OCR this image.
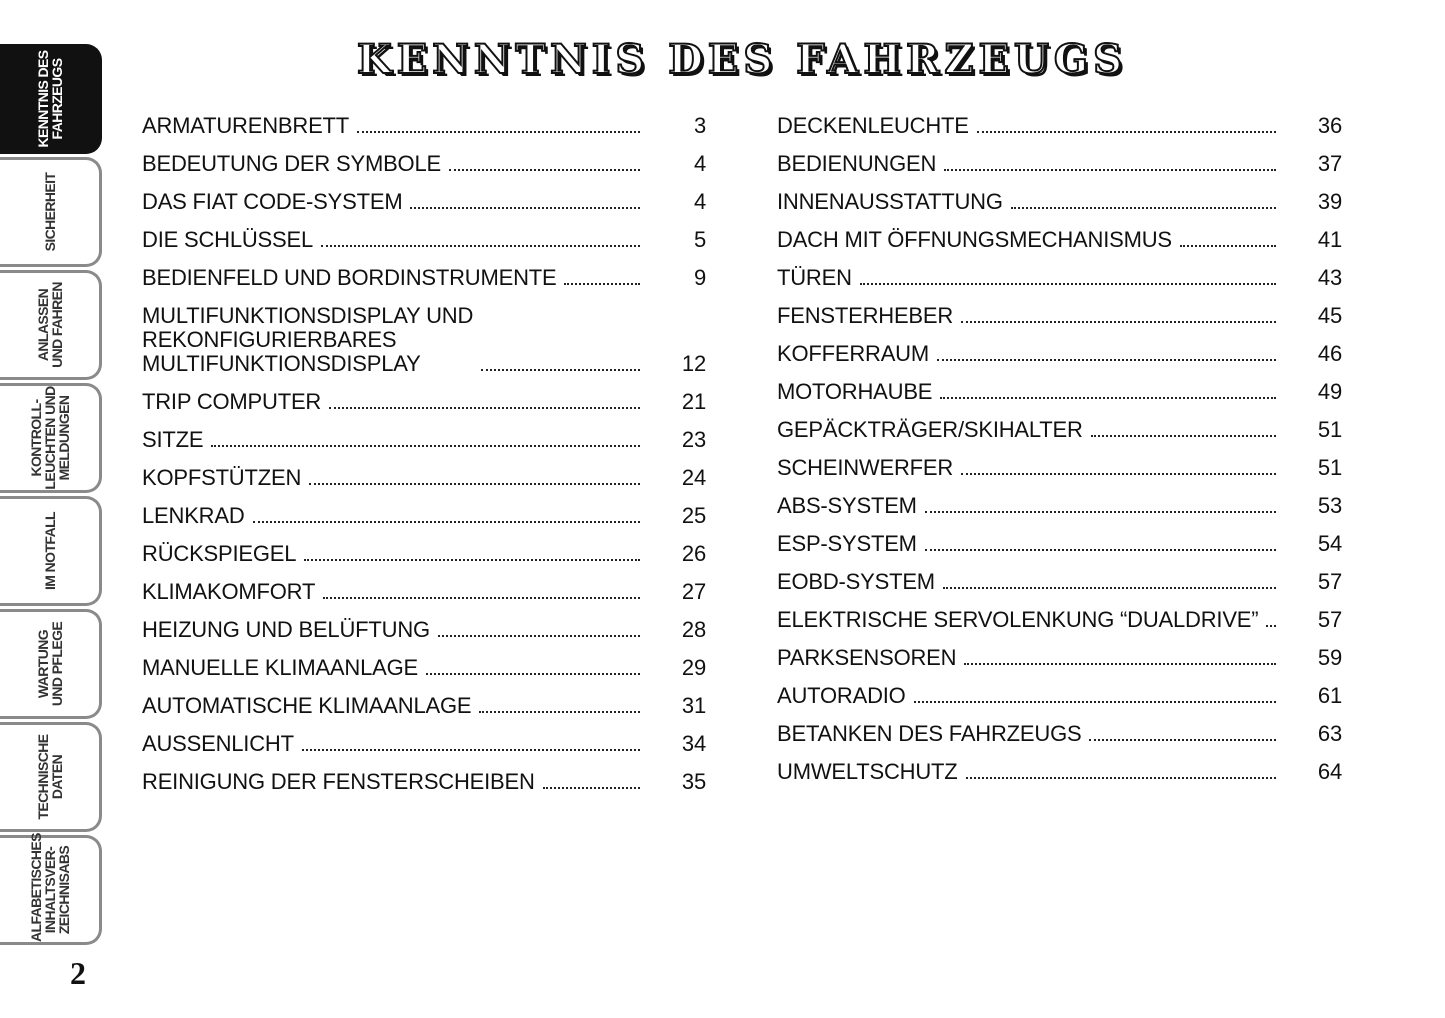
KENNTNIS DES
FAHRZEUGS
SICHERHEIT
ANLASSEN
UND FAHREN
KONTROLL-
LEUCHTEN UND
MELDUNGEN
IM NOTFALL
WARTUNG
UND PFLEGE
TECHNISCHE
DATEN
ALFABETISCHES
INHALTSVER-
ZEICHNISABS
2
KENNTNIS DES FAHRZEUGS
ARMATURENBRETT	3
BEDEUTUNG DER SYMBOLE	4
DAS FIAT CODE-SYSTEM	4
DIE SCHLÜSSEL	5
BEDIENFELD UND BORDINSTRUMENTE	9
MULTIFUNKTIONSDISPLAY UND
REKONFIGURIERBARES
MULTIFUNKTIONSDISPLAY	12
TRIP COMPUTER	21
SITZE	23
KOPFSTÜTZEN	24
LENKRAD	25
RÜCKSPIEGEL	26
KLIMAKOMFORT	27
HEIZUNG UND BELÜFTUNG	28
MANUELLE KLIMAANLAGE	29
AUTOMATISCHE KLIMAANLAGE	31
AUSSENLICHT	34
REINIGUNG DER FENSTERSCHEIBEN	35
DECKENLEUCHTE	36
BEDIENUNGEN	37
INNENAUSSTATTUNG	39
DACH MIT ÖFFNUNGSMECHANISMUS	41
TÜREN	43
FENSTERHEBER	45
KOFFERRAUM	46
MOTORHAUBE	49
GEPÄCKTRÄGER/SKIHALTER	51
SCHEINWERFER	51
ABS-SYSTEM	53
ESP-SYSTEM	54
EOBD-SYSTEM	57
ELEKTRISCHE SERVOLENKUNG “DUALDRIVE”	57
PARKSENSOREN	59
AUTORADIO	61
BETANKEN DES FAHRZEUGS	63
UMWELTSCHUTZ	64
